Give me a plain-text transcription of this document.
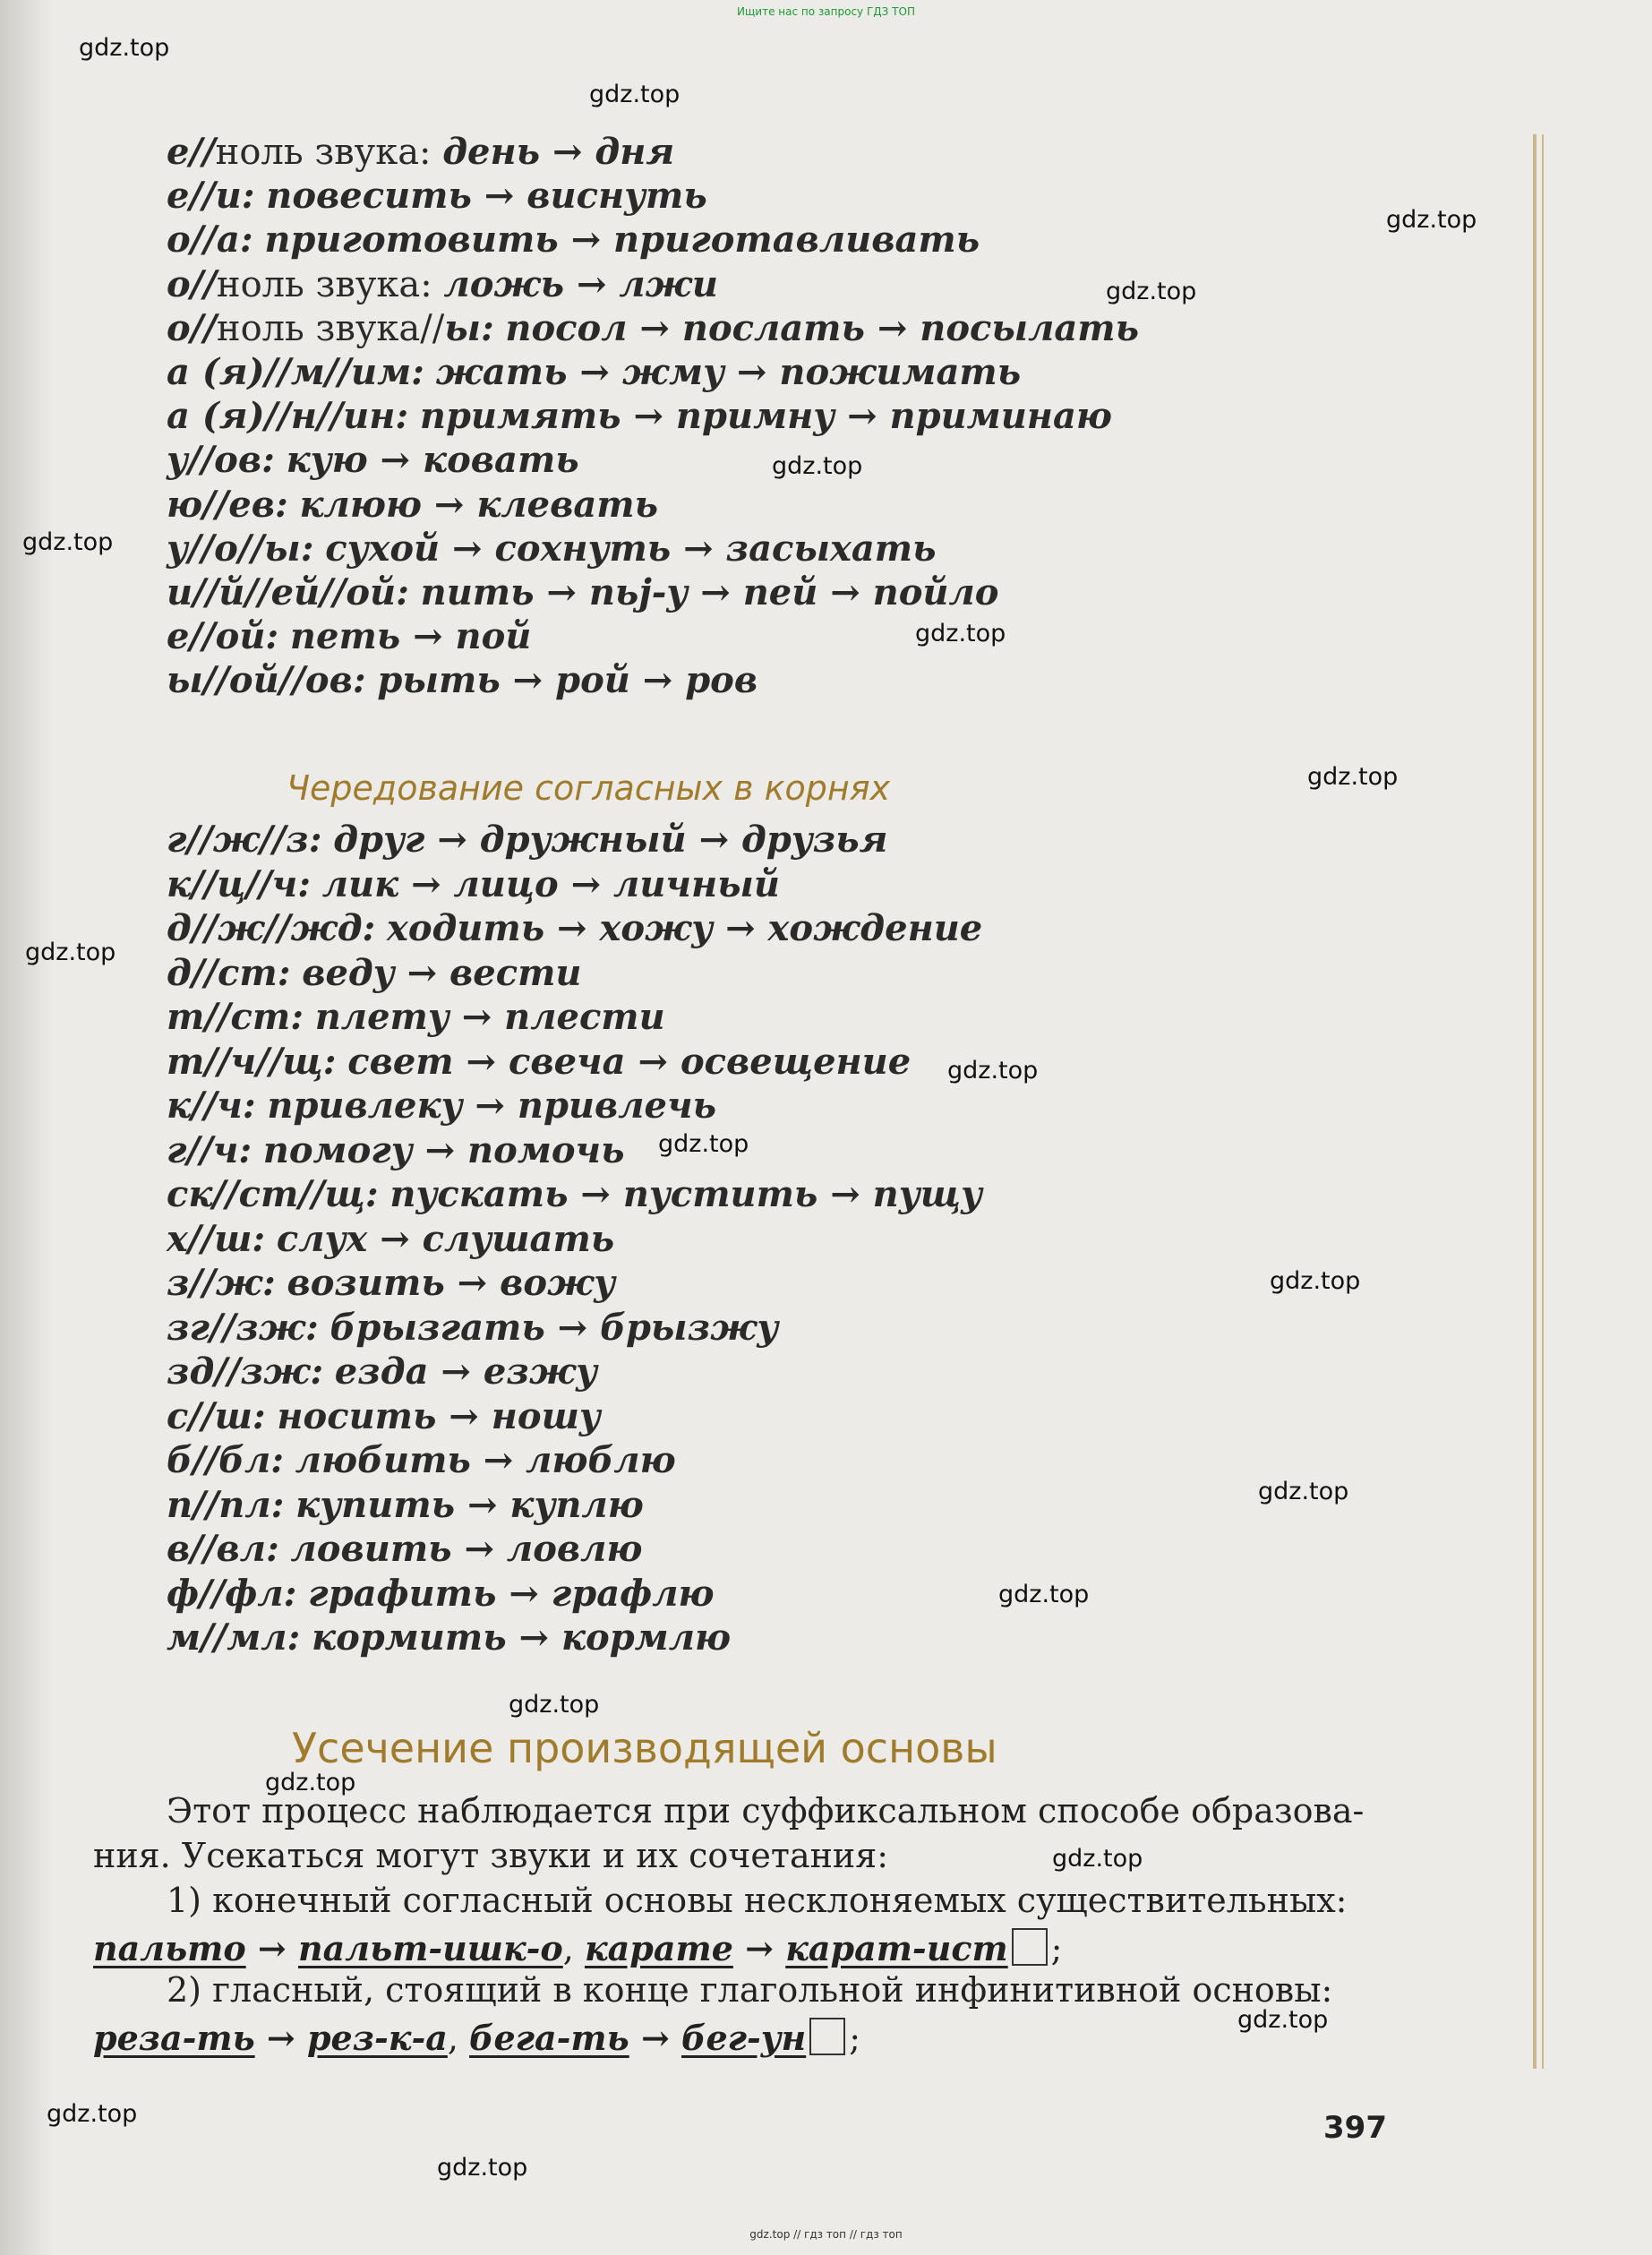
Ищите нас по запросу ГДЗ ТОП
е//ноль звука: день → дня
е//и: повесить → виснуть
о//а: приготовить → приготавливать
о//ноль звука: ложь → лжи
о//ноль звука//ы: посол → послать → посылать
а (я)//м//им: жать → жму → пожимать
а (я)//н//ин: примять → примну → приминаю
у//ов: кую → ковать
ю//ев: клюю → клевать
у//о//ы: сухой → сохнуть → засыхать
и//й//ей//ой: пить → пьj-у → пей → пойло
е//ой: петь → пой
ы//ой//ов: рыть → рой → ров
Чередование согласных в корнях
г//ж//з: друг → дружный → друзья
к//ц//ч: лик → лицо → личный
д//ж//жд: ходить → хожу → хождение
д//ст: веду → вести
т//ст: плету → плести
т//ч//щ: свет → свеча → освещение
к//ч: привлеку → привлечь
г//ч: помогу → помочь
ск//ст//щ: пускать → пустить → пущу
х//ш: слух → слушать
з//ж: возить → вожу
зг//зж: брызгать → брызжу
зд//зж: езда → езжу
с//ш: носить → ношу
б//бл: любить → люблю
п//пл: купить → куплю
в//вл: ловить → ловлю
ф//фл: графить → графлю
м//мл: кормить → кормлю
Усечение производящей основы
Этот процесс наблюдается при суффиксальном способе образова-
ния. Усекаться могут звуки и их сочетания:
1) конечный согласный основы несклоняемых существительных:
пальто → пальт-ишк-о, карате → карат-ист ;
2) гласный, стоящий в конце глагольной инфинитивной основы:
реза-ть → рез-к-а, бега-ть → бег-ун ;
397
gdz.top
gdz.top
gdz.top
gdz.top
gdz.top
gdz.top
gdz.top
gdz.top
gdz.top
gdz.top
gdz.top
gdz.top
gdz.top
gdz.top
gdz.top
gdz.top
gdz.top
gdz.top
gdz.top
gdz.top
gdz.top // гдз топ // гдз топ
